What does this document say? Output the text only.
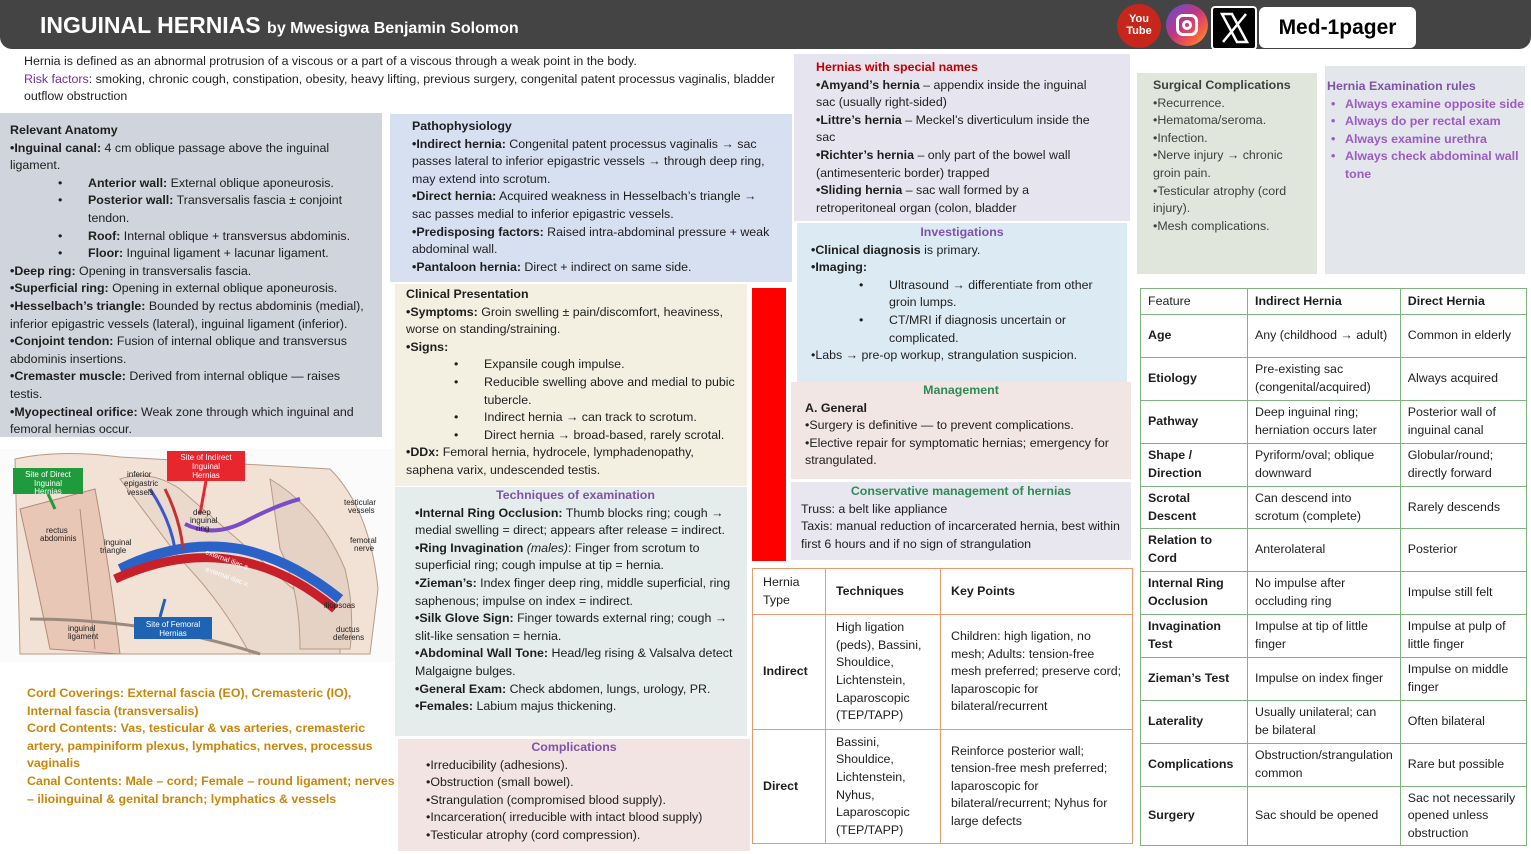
INGUINAL HERNIAS by Mwesigwa Benjamin Solomon
You
Tube	Med-1pager
Hernia is defined as an abnormal protrusion of a viscous or a part of a viscous through a weak point in the body.
Risk factors: smoking, chronic cough, constipation, obesity, heavy lifting, previous surgery, congenital patent processus vaginalis, bladder outflow obstruction
Relevant Anatomy
•Inguinal canal: 4 cm oblique passage above the inguinal ligament.
• Anterior wall: External oblique aponeurosis.
• Posterior wall: Transversalis fascia ± conjoint tendon.
• Roof: Internal oblique + transversus abdominis.
• Floor: Inguinal ligament + lacunar ligament.
•Deep ring: Opening in transversalis fascia.
•Superficial ring: Opening in external oblique aponeurosis.
•Hesselbach’s triangle: Bounded by rectus abdominis (medial), inferior epigastric vessels (lateral), inguinal ligament (inferior).
•Conjoint tendon: Fusion of internal oblique and transversus abdominis insertions.
•Cremaster muscle: Derived from internal oblique — raises testis.
•Myopectineal orifice: Weak zone through which inguinal and femoral hernias occur.
Site of Direct
Inguinal
Hernias
Site of Indirect
Inguinal
Hernias
Site of Femoral
Hernias
inferior
epigastric
vessels
deep
inguinal
ring
testicular
vessels
rectus
abdominis	inguinal
triangle
femoral
nerve
external iliac a.
external iliac v.
iliopsoas
inguinal
ligament
ductus
deferens
Cord Coverings: External fascia (EO), Cremasteric (IO), Internal fascia (transversalis)
Cord Contents: Vas, testicular & vas arteries, cremasteric artery, pampiniform plexus, lymphatics, nerves, processus vaginalis
Canal Contents: Male – cord; Female – round ligament; nerves – ilioinguinal & genital branch; lymphatics & vessels
Pathophysiology
•Indirect hernia: Congenital patent processus vaginalis → sac passes lateral to inferior epigastric vessels → through deep ring, may extend into scrotum.
•Direct hernia: Acquired weakness in Hesselbach’s triangle → sac passes medial to inferior epigastric vessels.
•Predisposing factors: Raised intra-abdominal pressure + weak abdominal wall.
•Pantaloon hernia: Direct + indirect on same side.
Clinical Presentation
•Symptoms: Groin swelling ± pain/discomfort, heaviness, worse on standing/straining.
•Signs:
• Expansile cough impulse.
• Reducible swelling above and medial to pubic tubercle.
• Indirect hernia → can track to scrotum.
• Direct hernia → broad-based, rarely scrotal.
•DDx: Femoral hernia, hydrocele, lymphadenopathy, saphena varix, undescended testis.
Techniques of examination
•Internal Ring Occlusion: Thumb blocks ring; cough → medial swelling = direct; appears after release = indirect.
•Ring Invagination (males): Finger from scrotum to superficial ring; cough impulse at tip = hernia.
•Zieman’s: Index finger deep ring, middle superficial, ring saphenous; impulse on index = indirect.
•Silk Glove Sign: Finger towards external ring; cough → slit-like sensation = hernia.
•Abdominal Wall Tone: Head/leg rising & Valsalva detect Malgaigne bulges.
•General Exam: Check abdomen, lungs, urology, PR.
•Females: Labium majus thickening.
Complications
•Irreducibility (adhesions).
•Obstruction (small bowel).
•Strangulation (compromised blood supply).
•Incarceration( irreducible with intact blood supply)
•Testicular atrophy (cord compression).
Hernias with special names
•Amyand’s hernia – appendix inside the inguinal sac (usually right-sided)
•Littre’s hernia – Meckel’s diverticulum inside the sac
•Richter’s hernia – only part of the bowel wall (antimesenteric border) trapped
•Sliding hernia – sac wall formed by a retroperitoneal organ (colon, bladder
Investigations
•Clinical diagnosis is primary.
•Imaging:
• Ultrasound → differentiate from other groin lumps.
• CT/MRI if diagnosis uncertain or complicated.
•Labs → pre-op workup, strangulation suspicion.
Management
A. General
•Surgery is definitive — to prevent complications.
•Elective repair for symptomatic hernias; emergency for strangulated.
Conservative management of hernias
Truss: a belt like appliance
Taxis: manual reduction of incarcerated hernia, best within first 6 hours and if no sign of strangulation
Surgical Complications
•Recurrence.
•Hematoma/seroma.
•Infection.
•Nerve injury → chronic groin pain.
•Testicular atrophy (cord injury).
•Mesh complications.
Hernia Examination rules
• Always examine opposite side
• Always do per rectal exam
• Always examine urethra
• Always check abdominal wall tone
Hernia Type	Techniques	Key Points
Indirect	High ligation (peds), Bassini, Shouldice, Lichtenstein, Laparoscopic (TEP/TAPP)	Children: high ligation, no mesh; Adults: tension-free mesh preferred; preserve cord; laparoscopic for bilateral/recurrent
Direct	Bassini, Shouldice, Lichtenstein, Nyhus, Laparoscopic (TEP/TAPP)	Reinforce posterior wall; tension-free mesh preferred; laparoscopic for bilateral/recurrent; Nyhus for large defects
Feature	Indirect Hernia	Direct Hernia
Age	Any (childhood → adult)	Common in elderly
Etiology	Pre-existing sac (congenital/acquired)	Always acquired
Pathway	Deep inguinal ring; herniation occurs later	Posterior wall of inguinal canal
Shape / Direction	Pyriform/oval; oblique downward	Globular/round; directly forward
Scrotal Descent	Can descend into scrotum (complete)	Rarely descends
Relation to Cord	Anterolateral	Posterior
Internal Ring Occlusion	No impulse after occluding ring	Impulse still felt
Invagination Test	Impulse at tip of little finger	Impulse at pulp of little finger
Zieman’s Test	Impulse on index finger	Impulse on middle finger
Laterality	Usually unilateral; can be bilateral	Often bilateral
Complications	Obstruction/strangulation common	Rare but possible
Surgery	Sac should be opened	Sac not necessarily opened unless obstruction
